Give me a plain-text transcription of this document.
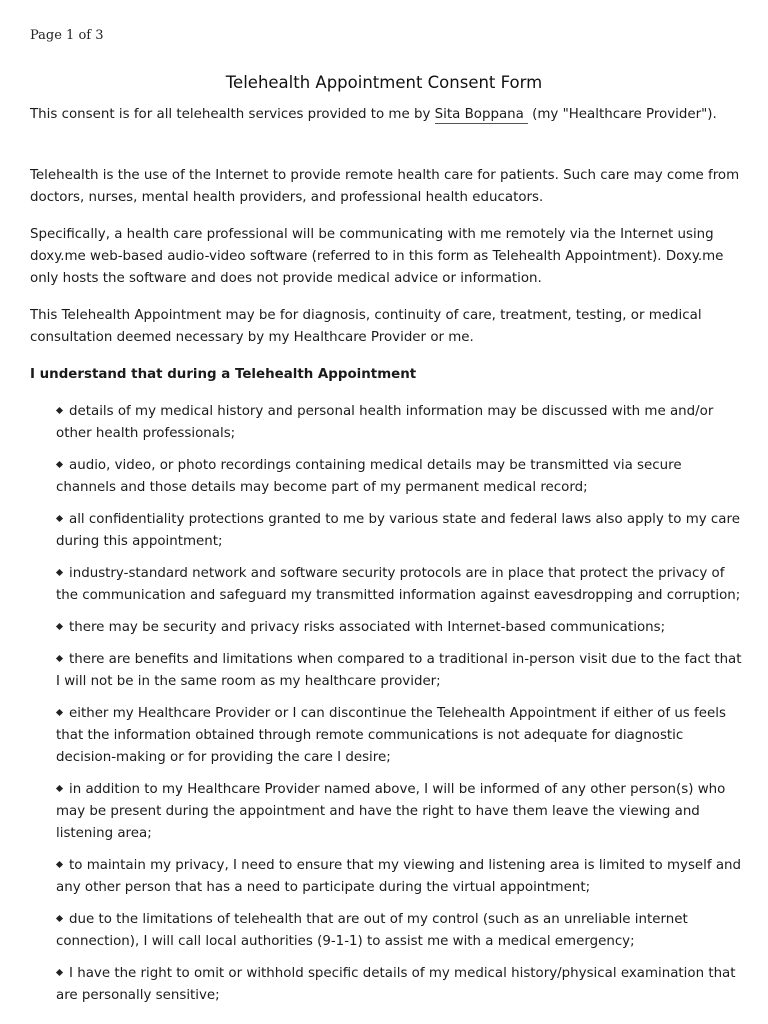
Page 1 of 3
Telehealth Appointment Consent Form

This consent is for all telehealth services provided to me by Sita Boppana (my "Healthcare Provider").

Telehealth is the use of the Internet to provide remote health care for patients. Such care may come from doctors, nurses, mental health providers, and professional health educators.

Specifically, a health care professional will be communicating with me remotely via the Internet using doxy.me web-based audio-video software (referred to in this form as Telehealth Appointment). Doxy.me only hosts the software and does not provide medical advice or information.

This Telehealth Appointment may be for diagnosis, continuity of care, treatment, testing, or medical consultation deemed necessary by my Healthcare Provider or me.

I understand that during a Telehealth Appointment

details of my medical history and personal health information may be discussed with me and/or other health professionals;
audio, video, or photo recordings containing medical details may be transmitted via secure channels and those details may become part of my permanent medical record;
all confidentiality protections granted to me by various state and federal laws also apply to my care during this appointment;
industry-standard network and software security protocols are in place that protect the privacy of the communication and safeguard my transmitted information against eavesdropping and corruption;
there may be security and privacy risks associated with Internet-based communications;
there are benefits and limitations when compared to a traditional in-person visit due to the fact that I will not be in the same room as my healthcare provider;
either my Healthcare Provider or I can discontinue the Telehealth Appointment if either of us feels that the information obtained through remote communications is not adequate for diagnostic decision-making or for providing the care I desire;
in addition to my Healthcare Provider named above, I will be informed of any other person(s) who may be present during the appointment and have the right to have them leave the viewing and listening area;
to maintain my privacy, I need to ensure that my viewing and listening area is limited to myself and any other person that has a need to participate during the virtual appointment;
due to the limitations of telehealth that are out of my control (such as an unreliable internet connection), I will call local authorities (9-1-1) to assist me with a medical emergency;
I have the right to omit or withhold specific details of my medical history/physical examination that are personally sensitive;
